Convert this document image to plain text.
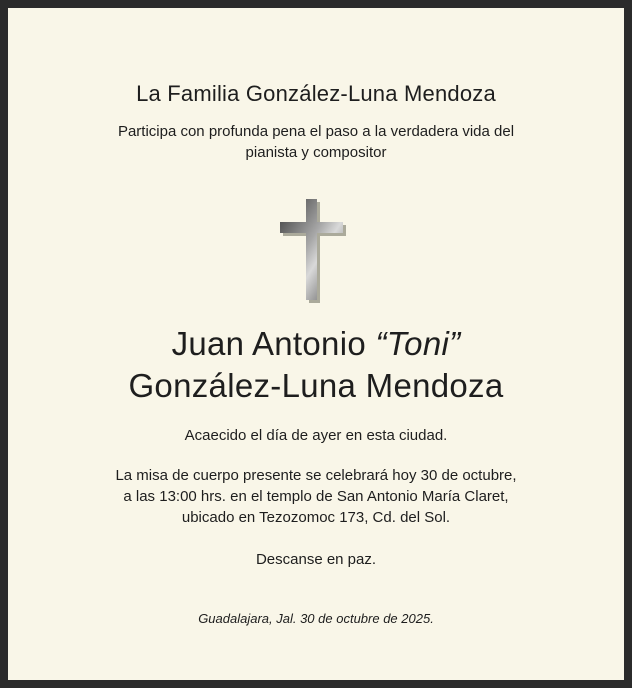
La Familia González-Luna Mendoza
Participa con profunda pena el paso a la verdadera vida del
pianista y compositor
Juan Antonio “Toni”
González-Luna Mendoza
Acaecido el día de ayer en esta ciudad.
La misa de cuerpo presente se celebrará hoy 30 de octubre,
a las 13:00 hrs. en el templo de San Antonio María Claret,
ubicado en Tezozomoc 173, Cd. del Sol.
Descanse en paz.
Guadalajara, Jal. 30 de octubre de 2025.
